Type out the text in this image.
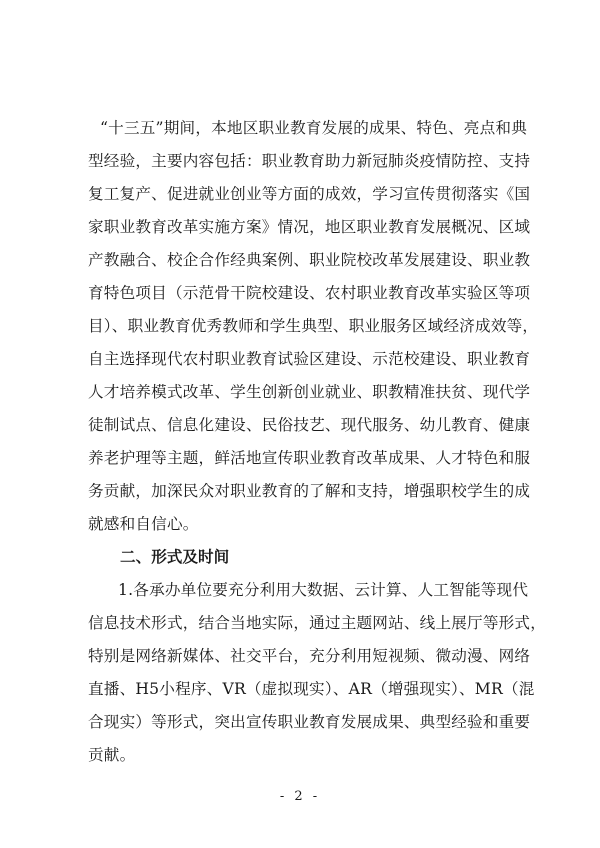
“十三五”期间，本地区职业教育发展的成果、特色、亮点和典
型经验，主要内容包括：职业教育助力新冠肺炎疫情防控、支持
复工复产、促进就业创业等方面的成效，学习宣传贯彻落实《国
家职业教育改革实施方案》情况，地区职业教育发展概况、区域
产教融合、校企合作经典案例、职业院校改革发展建设、职业教
育特色项目（示范骨干院校建设、农村职业教育改革实验区等项
目）、职业教育优秀教师和学生典型、职业服务区域经济成效等，
自主选择现代农村职业教育试验区建设、示范校建设、职业教育
人才培养模式改革、学生创新创业就业、职教精准扶贫、现代学
徒制试点、信息化建设、民俗技艺、现代服务、幼儿教育、健康
养老护理等主题，鲜活地宣传职业教育改革成果、人才特色和服
务贡献，加深民众对职业教育的了解和支持，增强职校学生的成
就感和自信心。
二、形式及时间
1.各承办单位要充分利用大数据、云计算、人工智能等现代
信息技术形式，结合当地实际，通过主题网站、线上展厅等形式，
特别是网络新媒体、社交平台，充分利用短视频、微动漫、网络
直播、H5小程序、VR（虚拟现实）、AR（增强现实）、MR（混
合现实）等形式，突出宣传职业教育发展成果、典型经验和重要
贡献。
- 2 -
